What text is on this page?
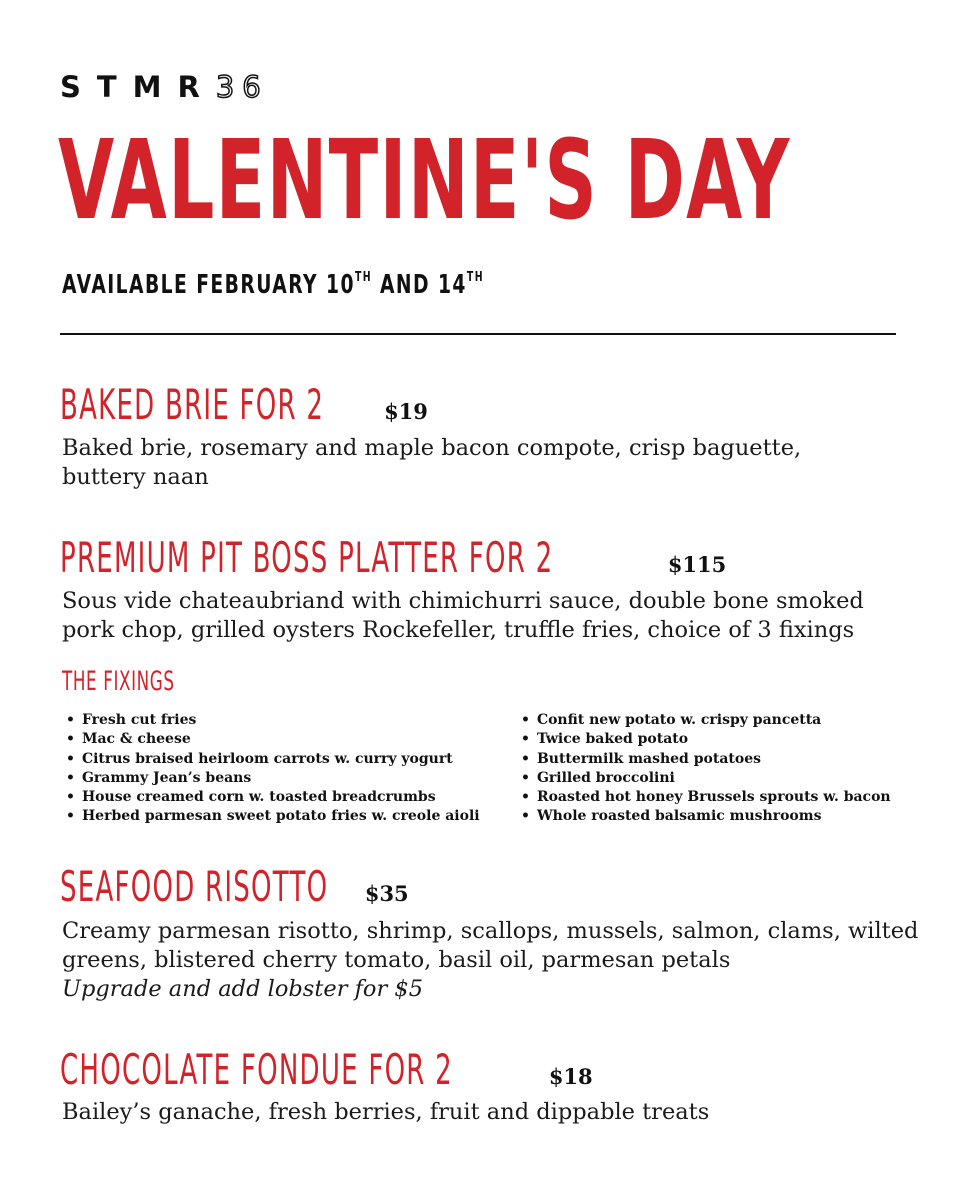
STMR36
VALENTINE'S DAY
AVAILABLE FEBRUARY 10TH AND 14TH
BAKED BRIE FOR 2	$19
Baked brie, rosemary and maple bacon compote, crisp baguette, buttery naan
PREMIUM PIT BOSS PLATTER FOR 2	$115
Sous vide chateaubriand with chimichurri sauce, double bone smoked pork chop, grilled oysters Rockefeller, truffle fries, choice of 3 fixings
THE FIXINGS
• Fresh cut fries
• Mac & cheese
• Citrus braised heirloom carrots w. curry yogurt
• Grammy Jean’s beans
• House creamed corn w. toasted breadcrumbs
• Herbed parmesan sweet potato fries w. creole aioli
• Confit new potato w. crispy pancetta
• Twice baked potato
• Buttermilk mashed potatoes
• Grilled broccolini
• Roasted hot honey Brussels sprouts w. bacon
• Whole roasted balsamic mushrooms
SEAFOOD RISOTTO $35
Creamy parmesan risotto, shrimp, scallops, mussels, salmon, clams, wilted greens, blistered cherry tomato, basil oil, parmesan petals
Upgrade and add lobster for $5
CHOCOLATE FONDUE FOR 2	$18
Bailey’s ganache, fresh berries, fruit and dippable treats
